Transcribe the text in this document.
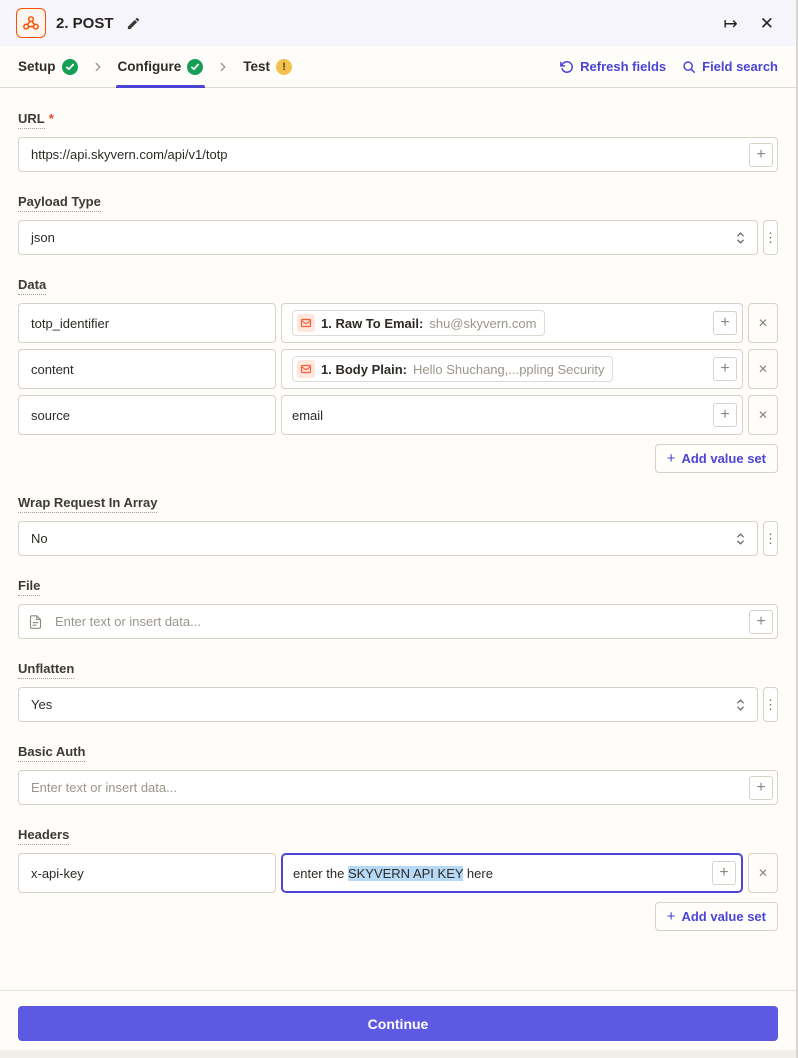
2. POST	↦	✕
Setup	Configure	Test	!	Refresh fields	Field search
URL *
https://api.skyvern.com/api/v1/totp
+
Payload Type
json	⋮
Data
totp_identifier
1. Raw To Email: shu@skyvern.com	+	✕
content
1. Body Plain: Hello Shuchang,...ppling Security	+	✕
source
email	+	✕
+ Add value set
Wrap Request In Array
No	⋮
File
Enter text or insert data...
+
Unflatten
Yes	⋮
Basic Auth
Enter text or insert data...
+
Headers
x-api-key
enter the SKYVERN API KEY here	+	✕
+ Add value set
Continue
